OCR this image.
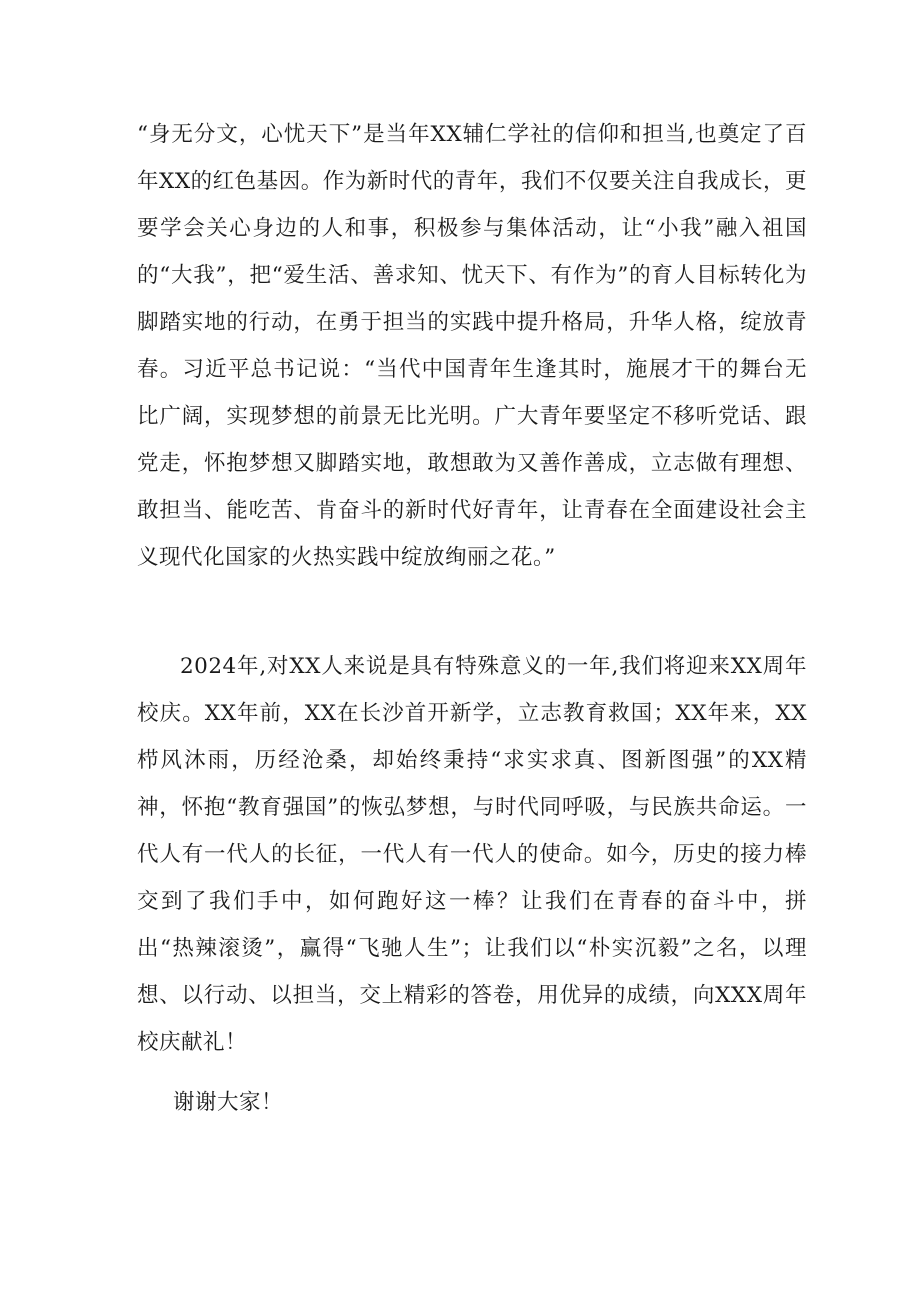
“身无分文，心忧天下”是当年XX辅仁学社的信仰和担当,也奠定了百年XX的红色基因。作为新时代的青年，我们不仅要关注自我成长，更要学会关心身边的人和事，积极参与集体活动，让“小我”融入祖国的“大我”，把“爱生活、善求知、忧天下、有作为”的育人目标转化为脚踏实地的行动，在勇于担当的实践中提升格局，升华人格，绽放青春。习近平总书记说：“当代中国青年生逢其时，施展才干的舞台无比广阔，实现梦想的前景无比光明。广大青年要坚定不移听党话、跟党走，怀抱梦想又脚踏实地，敢想敢为又善作善成，立志做有理想、敢担当、能吃苦、肯奋斗的新时代好青年，让青春在全面建设社会主义现代化国家的火热实践中绽放绚丽之花。”

2024年,对XX人来说是具有特殊意义的一年,我们将迎来XX周年校庆。XX年前，XX在长沙首开新学，立志教育救国；XX年来，XX栉风沐雨，历经沧桑，却始终秉持“求实求真、图新图强”的XX精神，怀抱“教育强国”的恢弘梦想，与时代同呼吸，与民族共命运。一代人有一代人的长征，一代人有一代人的使命。如今，历史的接力棒交到了我们手中，如何跑好这一棒？让我们在青春的奋斗中，拼出“热辣滚烫”，赢得“飞驰人生”；让我们以“朴实沉毅”之名，以理想、以行动、以担当，交上精彩的答卷，用优异的成绩，向XXX周年校庆献礼！

谢谢大家！
